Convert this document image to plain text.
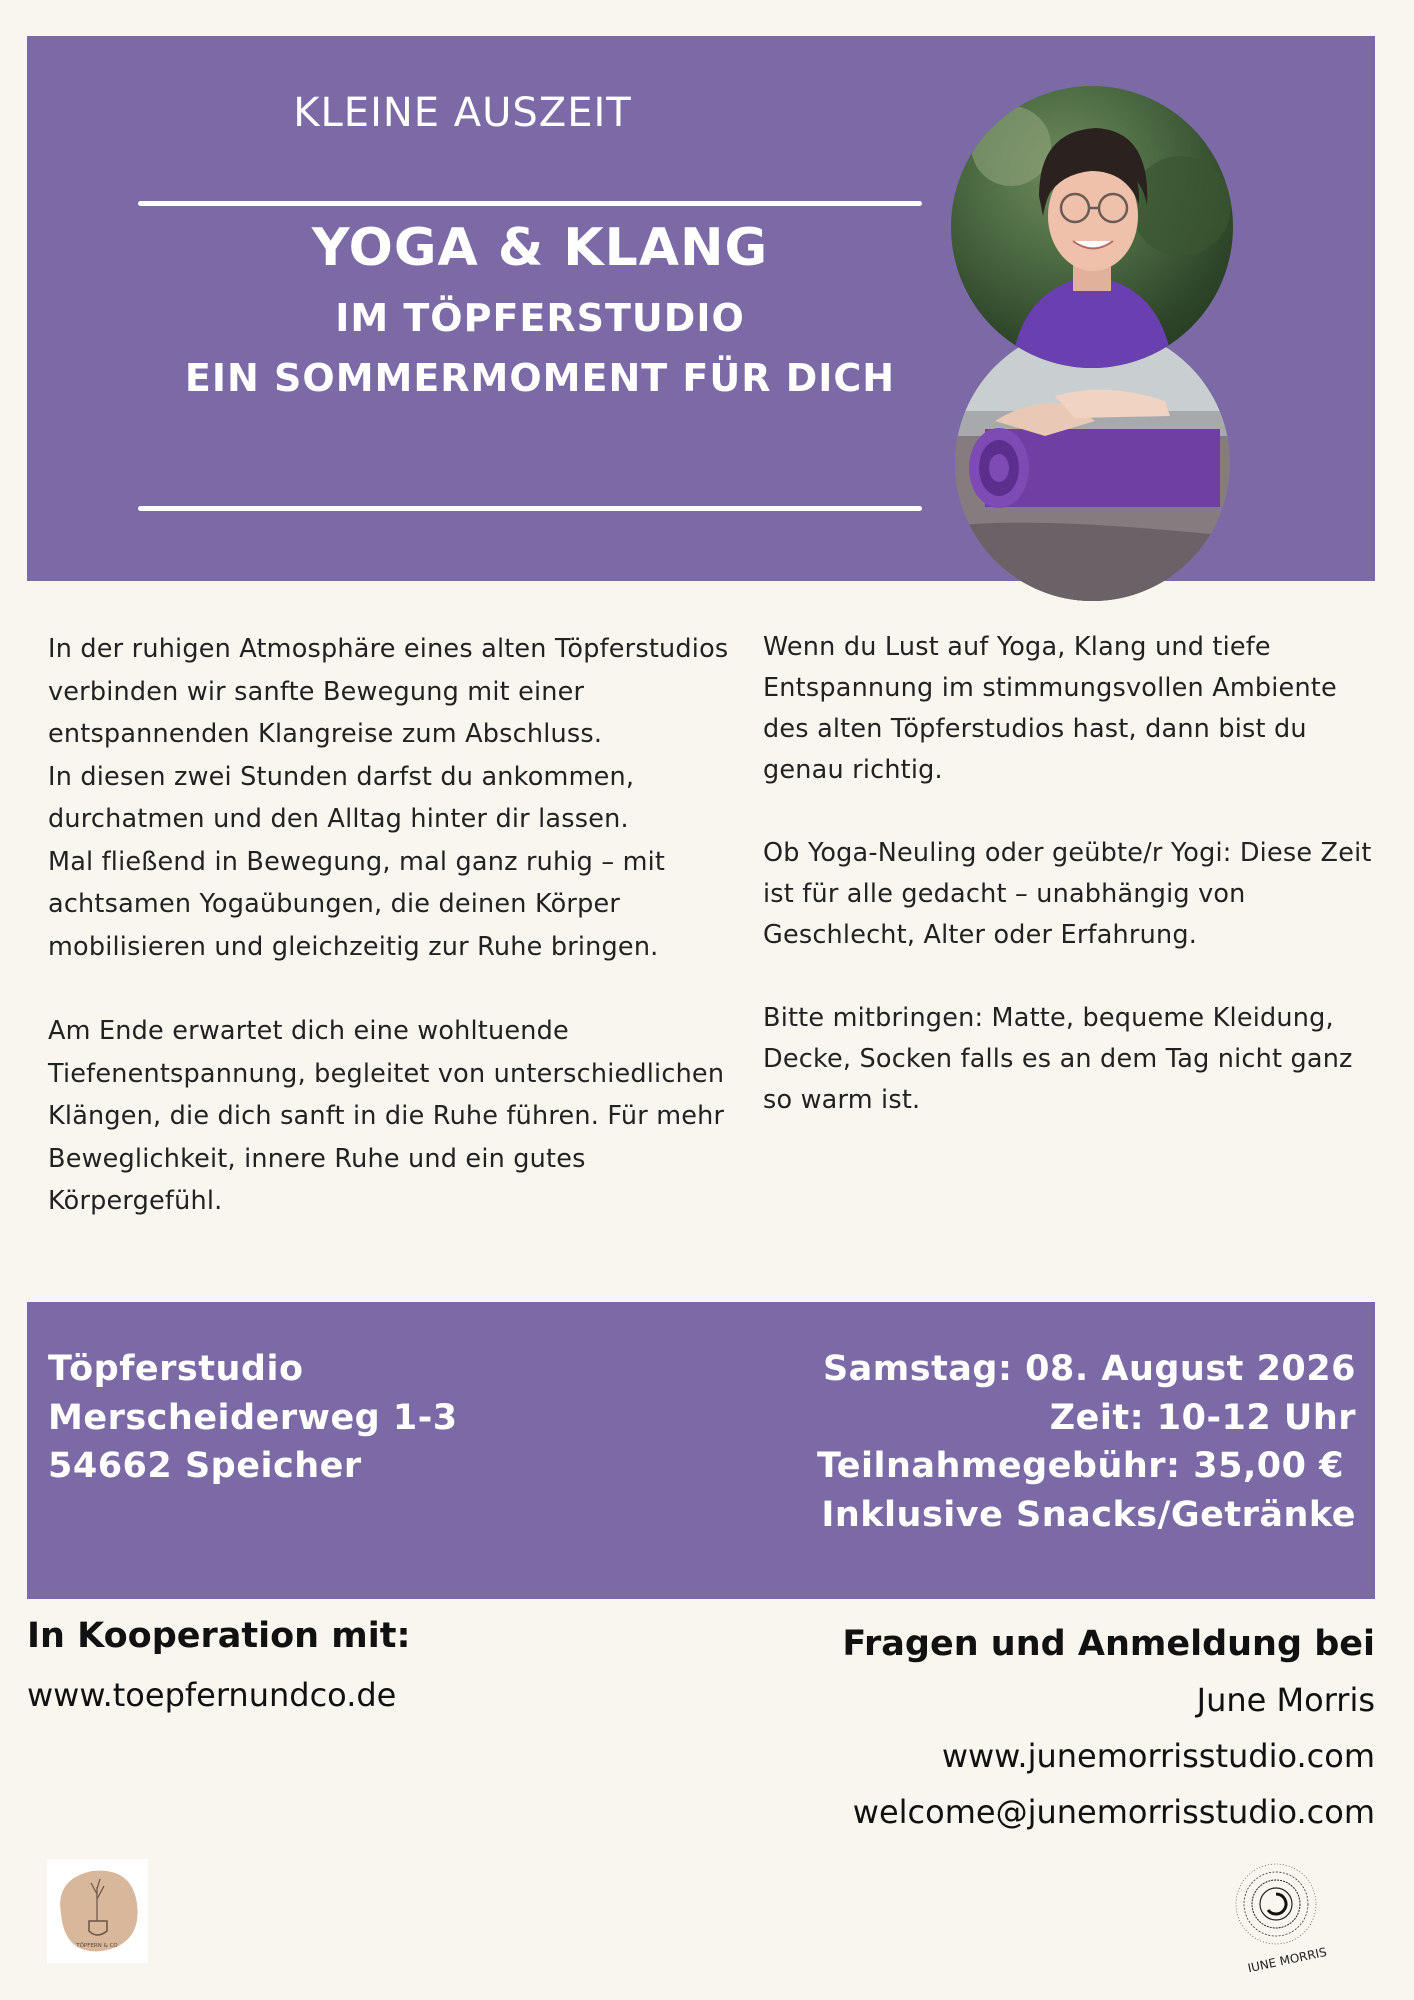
KLEINE AUSZEIT
YOGA & KLANG
IM TÖPFERSTUDIO
EIN SOMMERMOMENT FÜR DICH

In der ruhigen Atmosphäre eines alten Töpferstudios verbinden wir sanfte Bewegung mit einer entspannenden Klangreise zum Abschluss.

In diesen zwei Stunden darfst du ankommen, durchatmen und den Alltag hinter dir lassen.

Mal fließend in Bewegung, mal ganz ruhig – mit achtsamen Yogaübungen, die deinen Körper mobilisieren und gleichzeitig zur Ruhe bringen.

Am Ende erwartet dich eine wohltuende Tiefenentspannung, begleitet von unterschiedlichen Klängen, die dich sanft in die Ruhe führen. Für mehr Beweglichkeit, innere Ruhe und ein gutes Körpergefühl.

Wenn du Lust auf Yoga, Klang und tiefe Entspannung im stimmungsvollen Ambiente des alten Töpferstudios hast, dann bist du genau richtig.

Ob Yoga-Neuling oder geübte/r Yogi: Diese Zeit ist für alle gedacht – unabhängig von Geschlecht, Alter oder Erfahrung.

Bitte mitbringen: Matte, bequeme Kleidung, Decke, Socken falls es an dem Tag nicht ganz so warm ist.

Töpferstudio
Merscheiderweg 1-3
54662 Speicher
Samstag: 08. August 2026
Zeit: 10-12 Uhr
Teilnahmegebühr: 35,00 €
Inklusive Snacks/Getränke
In Kooperation mit:
www.toepfernundco.de
Fragen und Anmeldung bei
June Morris
www.junemorrisstudio.com
welcome@junemorrisstudio.com
TÖPFERN & CO	JUNE MORRIS
